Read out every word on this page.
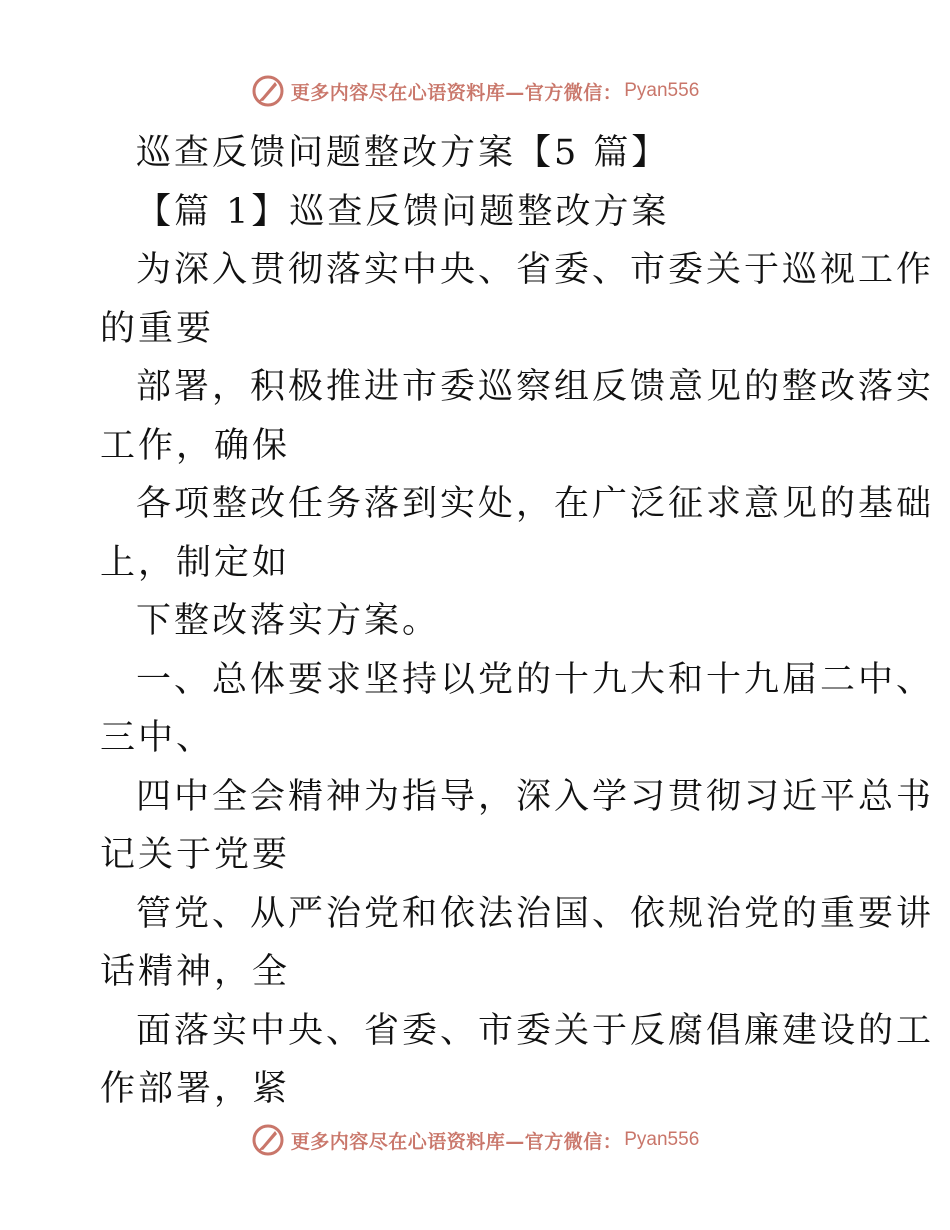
更多内容尽在心语资料库—官方微信： Pyan556
巡查反馈问题整改方案【5 篇】
【篇 1】巡查反馈问题整改方案
为深入贯彻落实中央、省委、市委关于巡视工作
的重要
部署，积极推进市委巡察组反馈意见的整改落实
工作，确保
各项整改任务落到实处，在广泛征求意见的基础
上，制定如
下整改落实方案。
一、总体要求坚持以党的十九大和十九届二中、
三中、
四中全会精神为指导，深入学习贯彻习近平总书
记关于党要
管党、从严治党和依法治国、依规治党的重要讲
话精神，全
面落实中央、省委、市委关于反腐倡廉建设的工
作部署，紧
更多内容尽在心语资料库—官方微信： Pyan556
